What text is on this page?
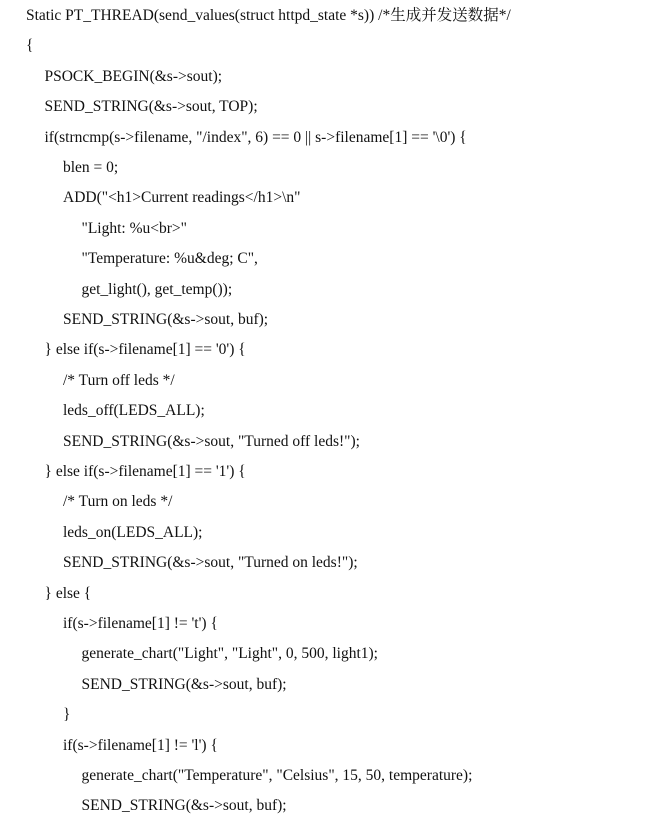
Static PT_THREAD(send_values(struct httpd_state *s)) /*生成并发送数据*/
{
PSOCK_BEGIN(&s->sout);
SEND_STRING(&s->sout, TOP);
if(strncmp(s->filename, "/index", 6) == 0 || s->filename[1] == '\0') {
blen = 0;
ADD("<h1>Current readings</h1>\n"
"Light: %u<br>"
"Temperature: %u&deg; C",
get_light(), get_temp());
SEND_STRING(&s->sout, buf);
} else if(s->filename[1] == '0') {
/* Turn off leds */
leds_off(LEDS_ALL);
SEND_STRING(&s->sout, "Turned off leds!");
} else if(s->filename[1] == '1') {
/* Turn on leds */
leds_on(LEDS_ALL);
SEND_STRING(&s->sout, "Turned on leds!");
} else {
if(s->filename[1] != 't') {
generate_chart("Light", "Light", 0, 500, light1);
SEND_STRING(&s->sout, buf);
}
if(s->filename[1] != 'l') {
generate_chart("Temperature", "Celsius", 15, 50, temperature);
SEND_STRING(&s->sout, buf);
